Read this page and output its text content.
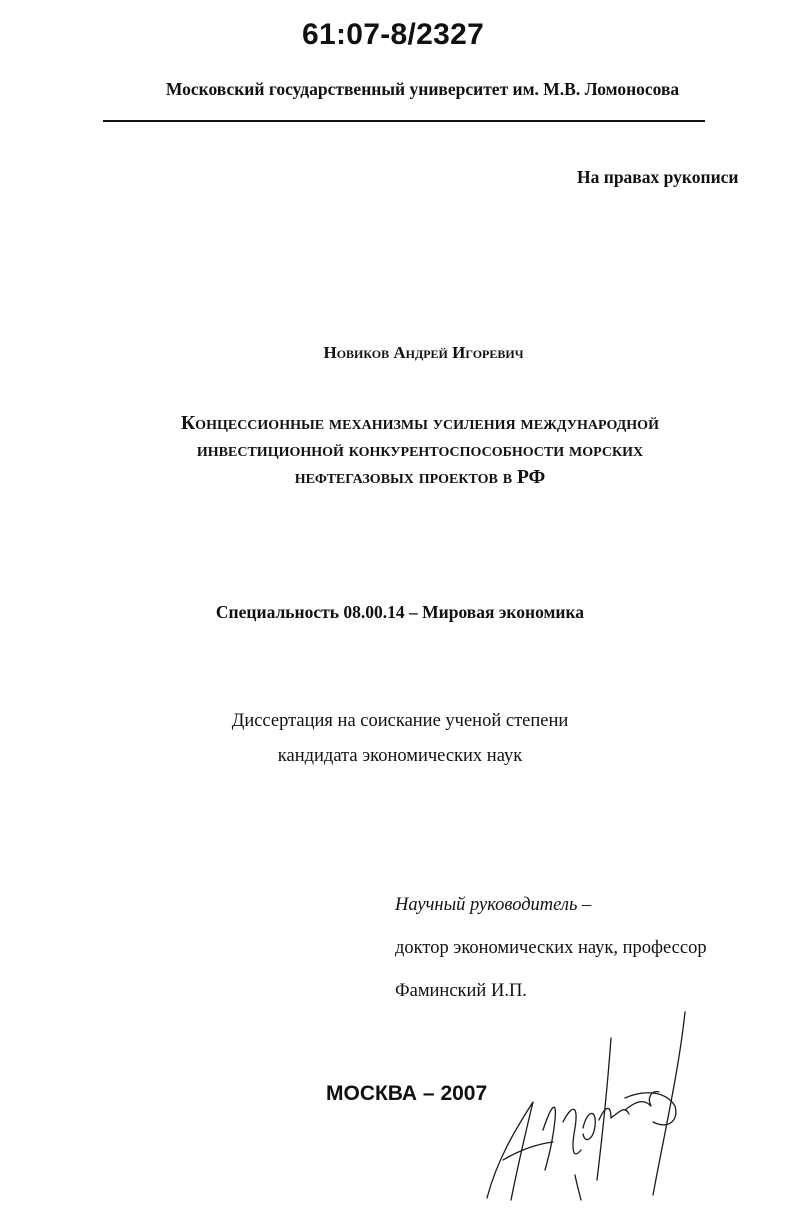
61:07-8/2327
Московский государственный университет им. М.В. Ломоносова
На правах рукописи
Новиков Андрей Игоревич
Концессионные механизмы усиления международной
инвестиционной конкурентоспособности морских
нефтегазовых проектов в РФ
Специальность 08.00.14 – Мировая экономика
Диссертация на соискание ученой степени
кандидата экономических наук
Научный руководитель –
доктор экономических наук, профессор
Фаминский И.П.
МОСКВА – 2007
